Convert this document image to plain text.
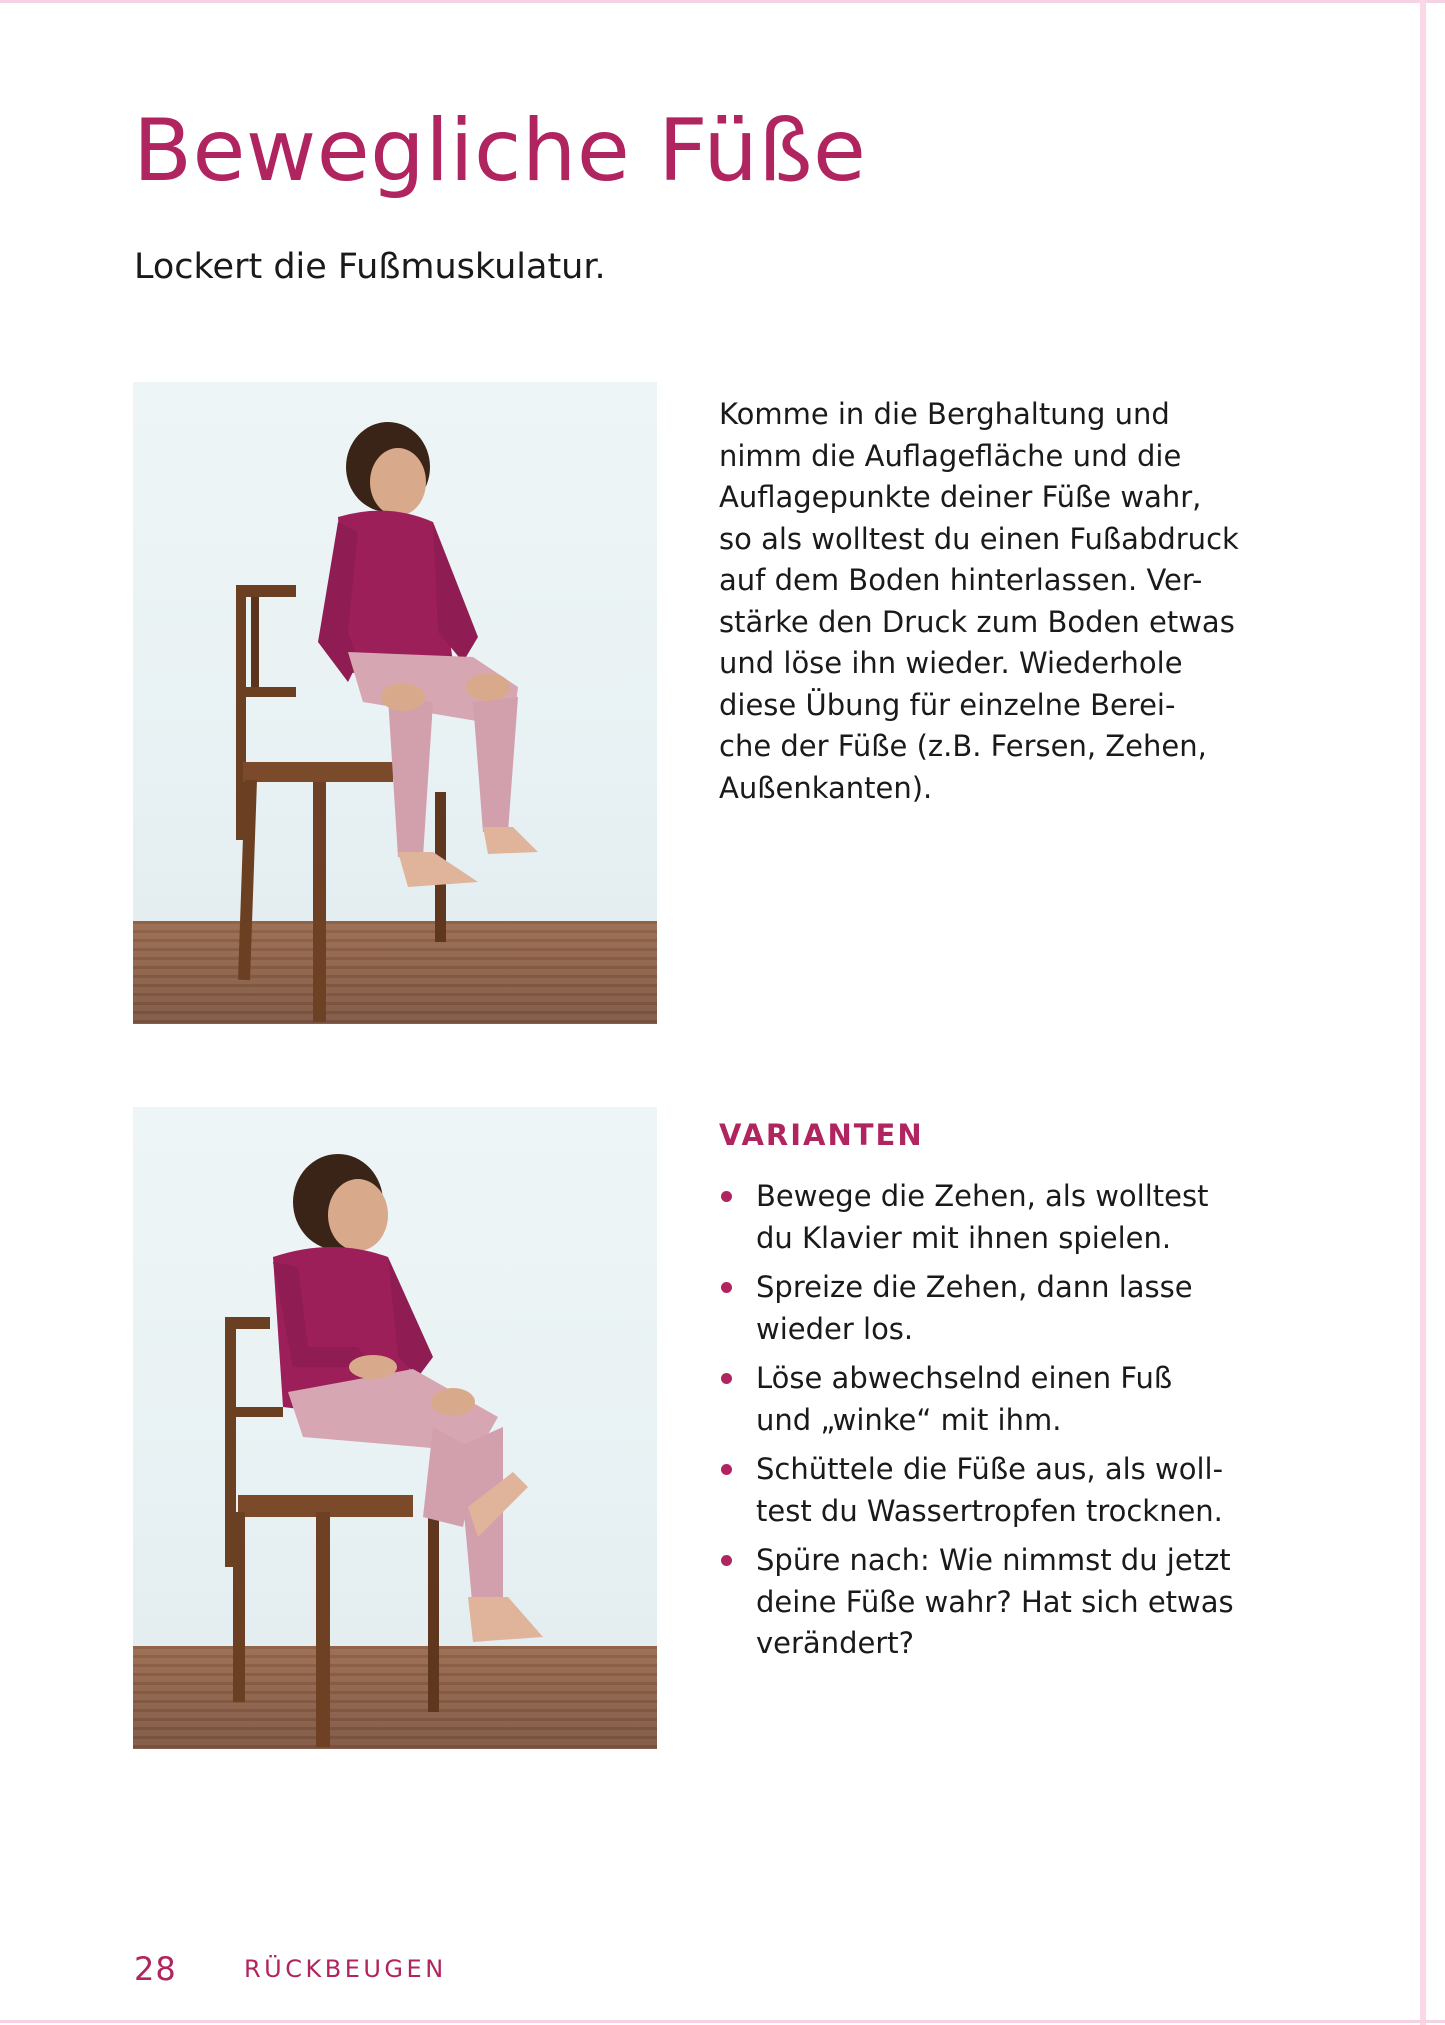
Bewegliche Füße

Lockert die Fußmuskulatur.

Komme in die Berghaltung und
nimm die Auflagefläche und die
Auflagepunkte deiner Füße wahr,
so als wolltest du einen Fußabdruck
auf dem Boden hinterlassen. Ver-
stärke den Druck zum Boden etwas
und löse ihn wieder. Wiederhole
diese Übung für einzelne Berei-
che der Füße (z.B. Fersen, Zehen,
Außenkanten).
VARIANTEN
Bewege die Zehen, als wolltest
du Klavier mit ihnen spielen.
Spreize die Zehen, dann lasse
wieder los.
Löse abwechselnd einen Fuß
und „winke“ mit ihm.
Schüttele die Füße aus, als woll-
test du Wassertropfen trocknen.
Spüre nach: Wie nimmst du jetzt
deine Füße wahr? Hat sich etwas
verändert?

28	RÜCKBEUGEN
